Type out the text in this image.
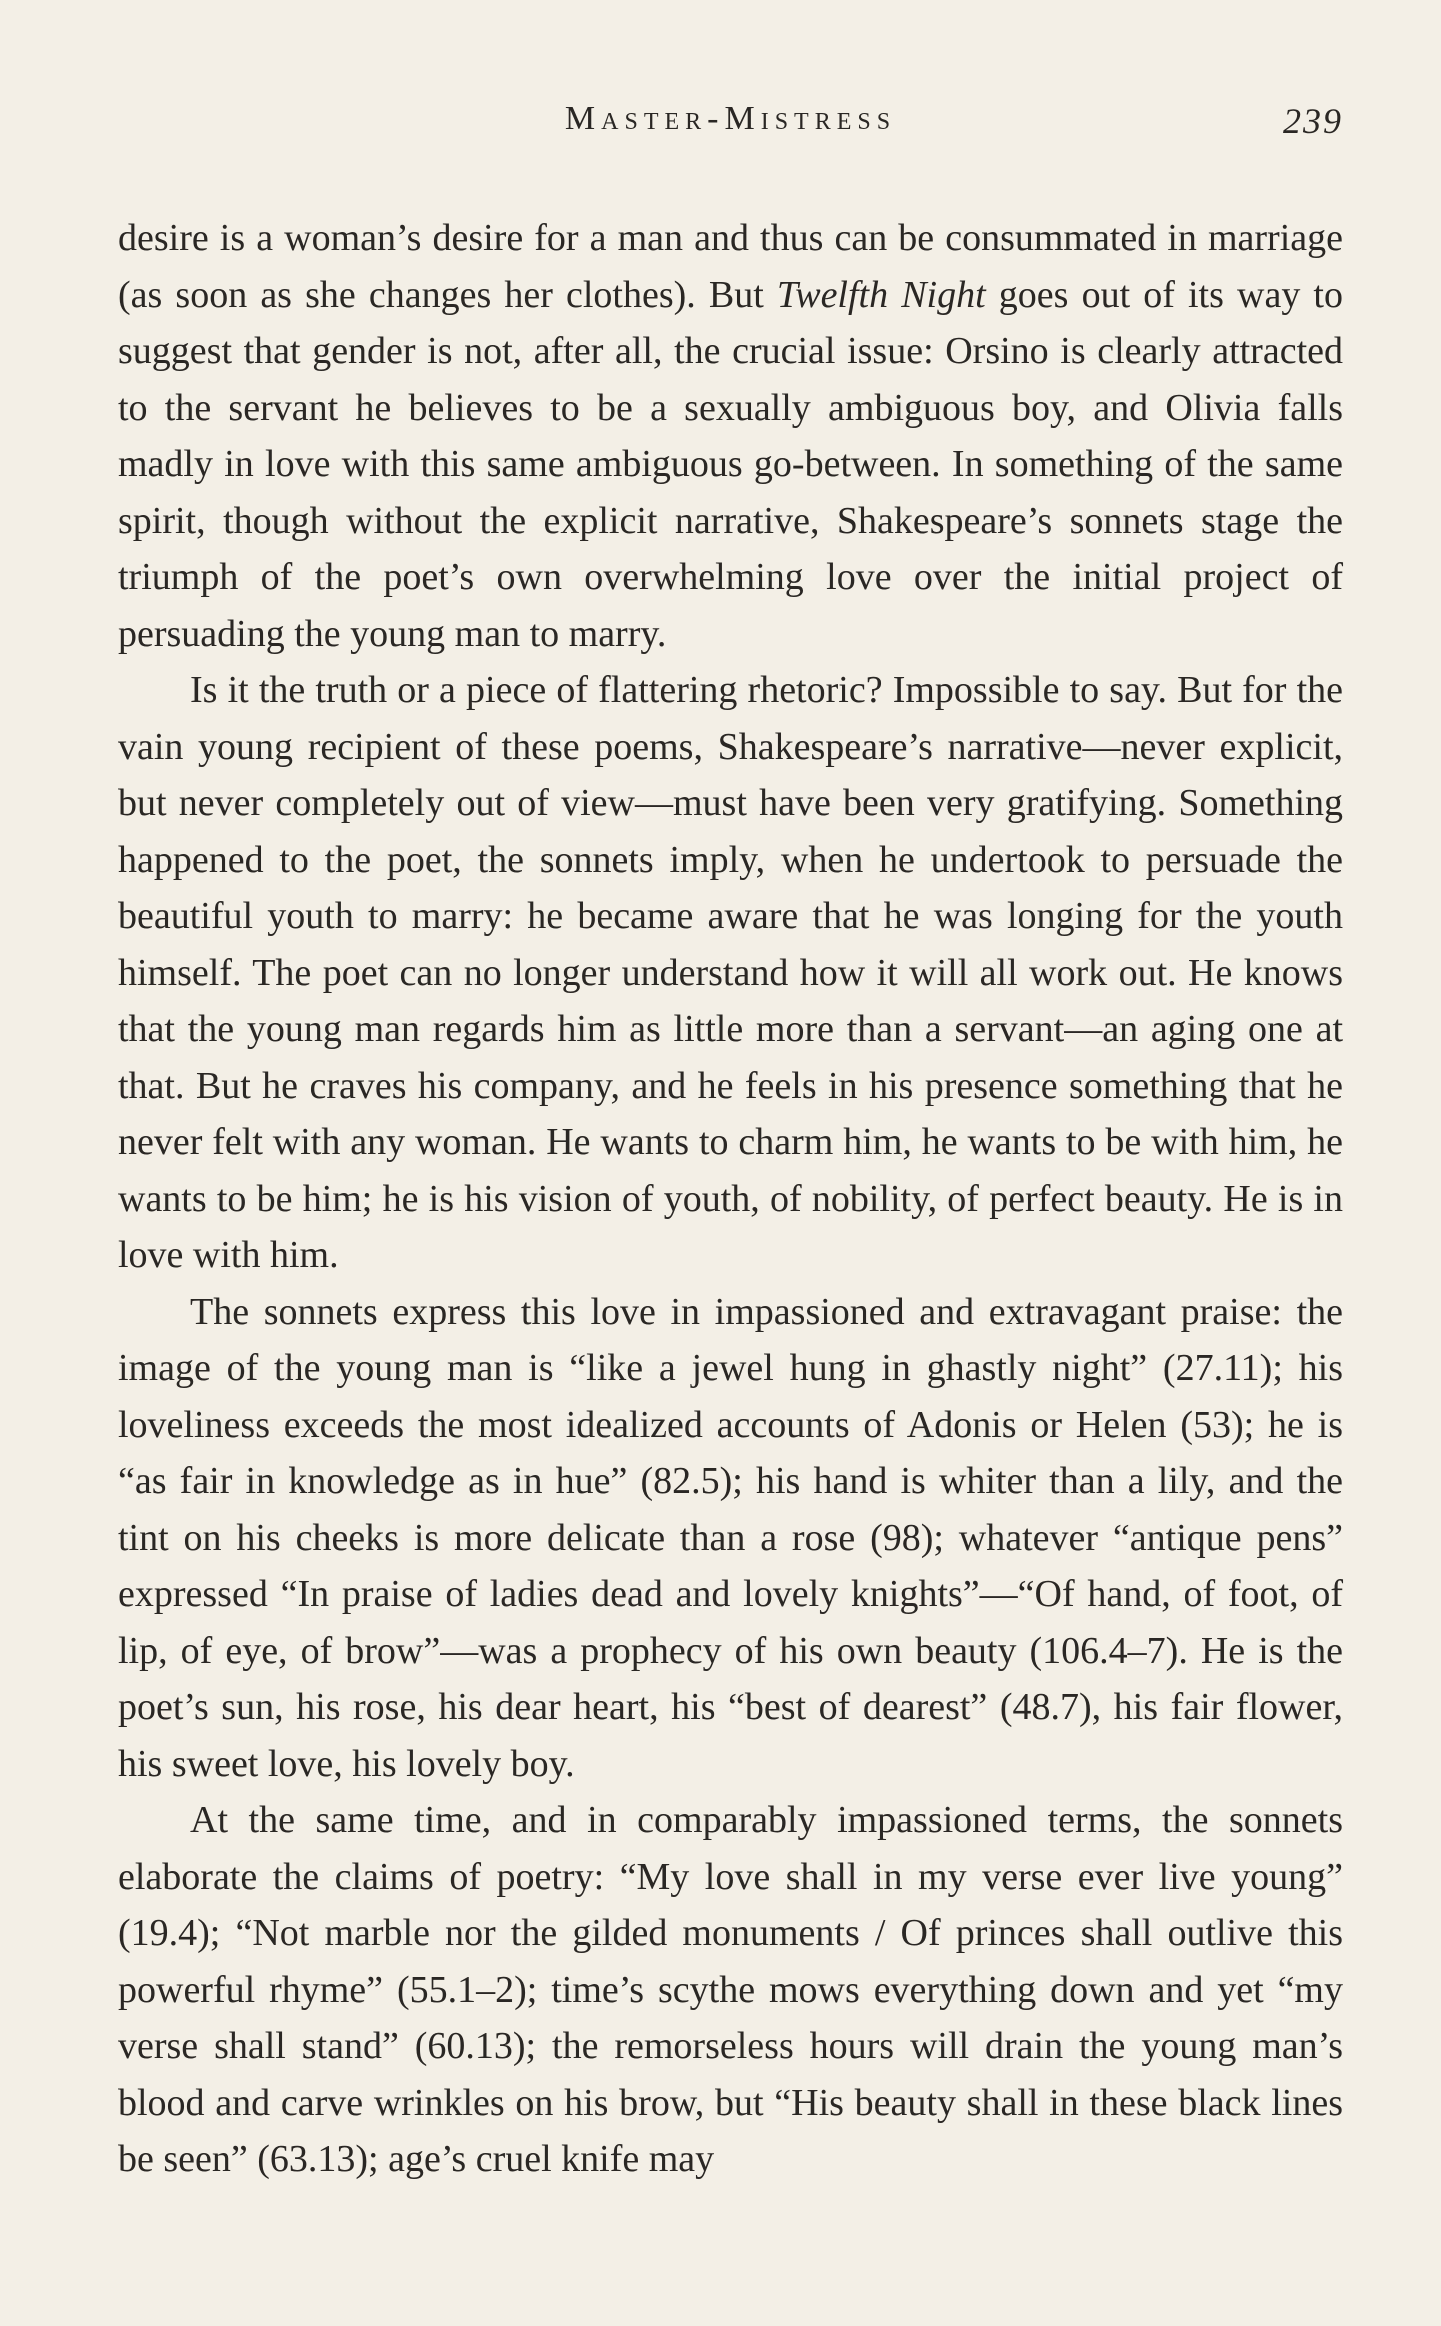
Master-Mistress	239

desire is a woman’s desire for a man and thus can be consummated in marriage (as soon as she changes her clothes). But Twelfth Night goes out of its way to suggest that gender is not, after all, the crucial issue: Orsino is clearly attracted to the servant he believes to be a sexually ambiguous boy, and Olivia falls madly in love with this same ambiguous go-between. In something of the same spirit, though without the explicit narrative, Shakespeare’s sonnets stage the triumph of the poet’s own overwhelming love over the initial project of persuading the young man to marry.

Is it the truth or a piece of flattering rhetoric? Impossible to say. But for the vain young recipient of these poems, Shakespeare’s narrative—never explicit, but never completely out of view—must have been very gratifying. Something happened to the poet, the sonnets imply, when he undertook to persuade the beautiful youth to marry: he became aware that he was longing for the youth himself. The poet can no longer understand how it will all work out. He knows that the young man regards him as little more than a servant—an aging one at that. But he craves his company, and he feels in his presence something that he never felt with any woman. He wants to charm him, he wants to be with him, he wants to be him; he is his vision of youth, of nobility, of perfect beauty. He is in love with him.

The sonnets express this love in impassioned and extravagant praise: the image of the young man is “like a jewel hung in ghastly night” (27.11); his loveliness exceeds the most idealized accounts of Adonis or Helen (53); he is “as fair in knowledge as in hue” (82.5); his hand is whiter than a lily, and the tint on his cheeks is more delicate than a rose (98); whatever “antique pens” expressed “In praise of ladies dead and lovely knights”—“Of hand, of foot, of lip, of eye, of brow”—was a prophecy of his own beauty (106.4–7). He is the poet’s sun, his rose, his dear heart, his “best of dearest” (48.7), his fair flower, his sweet love, his lovely boy.

At the same time, and in comparably impassioned terms, the sonnets elaborate the claims of poetry: “My love shall in my verse ever live young” (19.4); “Not marble nor the gilded monuments / Of princes shall outlive this powerful rhyme” (55.1–2); time’s scythe mows everything down and yet “my verse shall stand” (60.13); the remorseless hours will drain the young man’s blood and carve wrinkles on his brow, but “His beauty shall in these black lines be seen” (63.13); age’s cruel knife may
